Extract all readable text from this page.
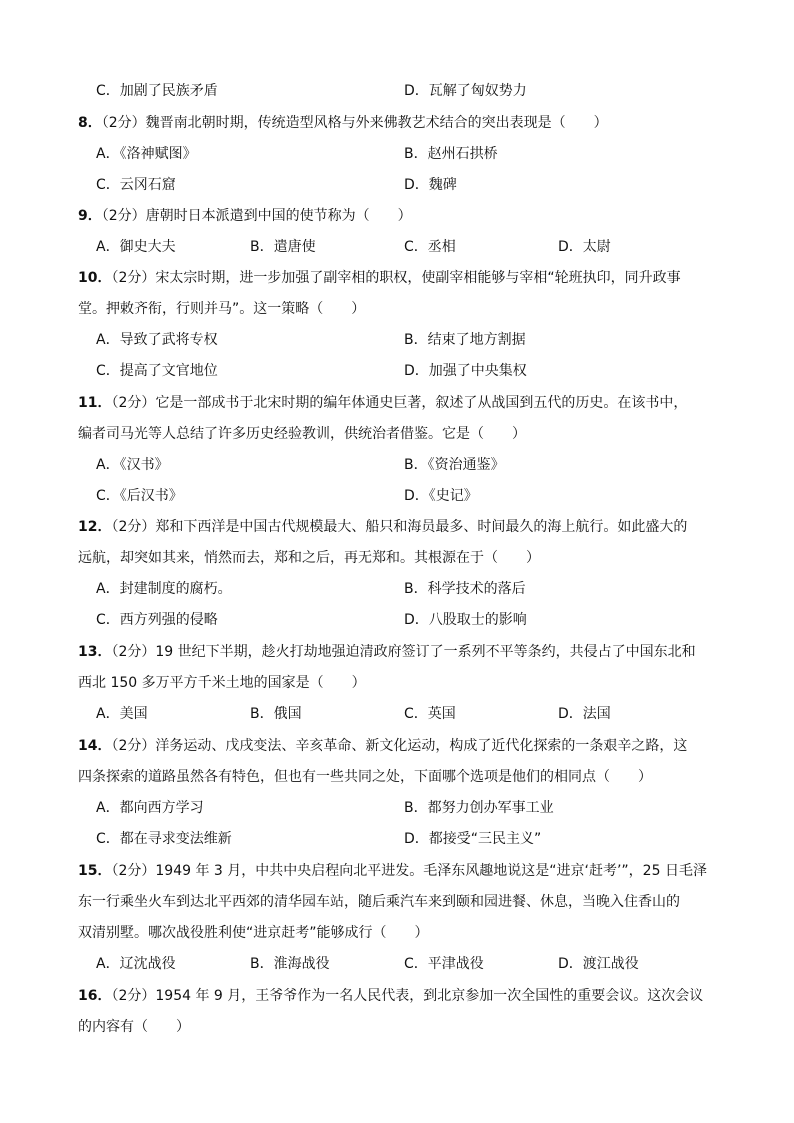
C．加剧了民族矛盾	D．瓦解了匈奴势力
8．（2分）魏晋南北朝时期，传统造型风格与外来佛教艺术结合的突出表现是（　　）
A．《洛神赋图》	B．赵州石拱桥
C．云冈石窟	D．魏碑
9．（2分）唐朝时日本派遣到中国的使节称为（　　）
A．御史大夫	B．遣唐使	C．丞相	D．太尉
10．（2分）宋太宗时期，进一步加强了副宰相的职权，使副宰相能够与宰相“轮班执印，同升政事
堂。押敕齐衔，行则并马”。这一策略（　　）
A．导致了武将专权	B．结束了地方割据
C．提高了文官地位	D．加强了中央集权
11．（2分）它是一部成书于北宋时期的编年体通史巨著，叙述了从战国到五代的历史。在该书中，
编者司马光等人总结了许多历史经验教训，供统治者借鉴。它是（　　）
A．《汉书》	B．《资治通鉴》
C．《后汉书》	D．《史记》
12．（2分）郑和下西洋是中国古代规模最大、船只和海员最多、时间最久的海上航行。如此盛大的
远航，却突如其来，悄然而去，郑和之后，再无郑和。其根源在于（　　）
A．封建制度的腐朽。	B．科学技术的落后
C．西方列强的侵略	D．八股取士的影响
13．（2分）19 世纪下半期，趁火打劫地强迫清政府签订了一系列不平等条约，共侵占了中国东北和
西北 150 多万平方千米土地的国家是（　　）
A．美国	B．俄国	C．英国	D．法国
14．（2分）洋务运动、戊戌变法、辛亥革命、新文化运动，构成了近代化探索的一条艰辛之路，这
四条探索的道路虽然各有特色，但也有一些共同之处，下面哪个选项是他们的相同点（　　）
A．都向西方学习	B．都努力创办军事工业
C．都在寻求变法维新	D．都接受“三民主义”
15．（2分）1949 年 3 月，中共中央启程向北平进发。毛泽东风趣地说这是“进京‘赶考’”，25 日毛泽
东一行乘坐火车到达北平西郊的清华园车站，随后乘汽车来到颐和园进餐、休息，当晚入住香山的
双清别墅。哪次战役胜利使“进京赶考”能够成行（　　）
A．辽沈战役	B．淮海战役	C．平津战役	D．渡江战役
16．（2分）1954 年 9 月，王爷爷作为一名人民代表，到北京参加一次全国性的重要会议。这次会议
的内容有（　　）
